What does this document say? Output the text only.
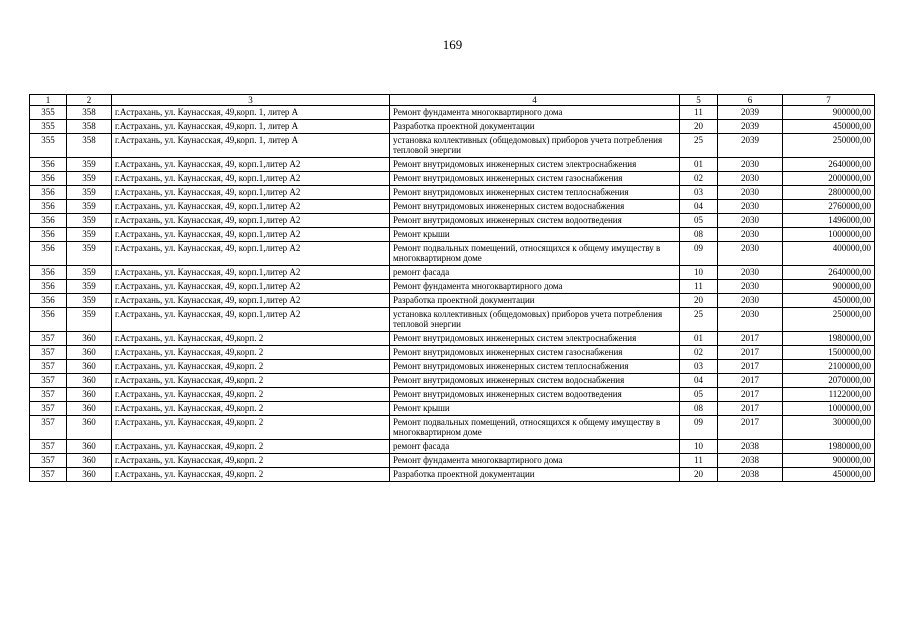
169
1	2	3	4	5	6	7
355	358	г.Астрахань, ул. Каунасская, 49,корп. 1, литер А	Ремонт фундамента многоквартирного дома	11	2039	900000,00
355	358	г.Астрахань, ул. Каунасская, 49,корп. 1, литер А	Разработка проектной документации	20	2039	450000,00
355	358	г.Астрахань, ул. Каунасская, 49,корп. 1, литер А	установка коллективных (общедомовых) приборов учета потребления тепловой энергии	25	2039	250000,00
356	359	г.Астрахань, ул. Каунасская, 49, корп.1,литер А2	Ремонт внутридомовых инженерных систем электроснабжения	01	2030	2640000,00
356	359	г.Астрахань, ул. Каунасская, 49, корп.1,литер А2	Ремонт внутридомовых инженерных систем газоснабжения	02	2030	2000000,00
356	359	г.Астрахань, ул. Каунасская, 49, корп.1,литер А2	Ремонт внутридомовых инженерных систем теплоснабжения	03	2030	2800000,00
356	359	г.Астрахань, ул. Каунасская, 49, корп.1,литер А2	Ремонт внутридомовых инженерных систем водоснабжения	04	2030	2760000,00
356	359	г.Астрахань, ул. Каунасская, 49, корп.1,литер А2	Ремонт внутридомовых инженерных систем водоотведения	05	2030	1496000,00
356	359	г.Астрахань, ул. Каунасская, 49, корп.1,литер А2	Ремонт крыши	08	2030	1000000,00
356	359	г.Астрахань, ул. Каунасская, 49, корп.1,литер А2	Ремонт подвальных помещений, относящихся к общему имуществу в многоквартирном доме	09	2030	400000,00
356	359	г.Астрахань, ул. Каунасская, 49, корп.1,литер А2	ремонт фасада	10	2030	2640000,00
356	359	г.Астрахань, ул. Каунасская, 49, корп.1,литер А2	Ремонт фундамента многоквартирного дома	11	2030	900000,00
356	359	г.Астрахань, ул. Каунасская, 49, корп.1,литер А2	Разработка проектной документации	20	2030	450000,00
356	359	г.Астрахань, ул. Каунасская, 49, корп.1,литер А2	установка коллективных (общедомовых) приборов учета потребления тепловой энергии	25	2030	250000,00
357	360	г.Астрахань, ул. Каунасская, 49,корп. 2	Ремонт внутридомовых инженерных систем электроснабжения	01	2017	1980000,00
357	360	г.Астрахань, ул. Каунасская, 49,корп. 2	Ремонт внутридомовых инженерных систем газоснабжения	02	2017	1500000,00
357	360	г.Астрахань, ул. Каунасская, 49,корп. 2	Ремонт внутридомовых инженерных систем теплоснабжения	03	2017	2100000,00
357	360	г.Астрахань, ул. Каунасская, 49,корп. 2	Ремонт внутридомовых инженерных систем водоснабжения	04	2017	2070000,00
357	360	г.Астрахань, ул. Каунасская, 49,корп. 2	Ремонт внутридомовых инженерных систем водоотведения	05	2017	1122000,00
357	360	г.Астрахань, ул. Каунасская, 49,корп. 2	Ремонт крыши	08	2017	1000000,00
357	360	г.Астрахань, ул. Каунасская, 49,корп. 2	Ремонт подвальных помещений, относящихся к общему имуществу в многоквартирном доме	09	2017	300000,00
357	360	г.Астрахань, ул. Каунасская, 49,корп. 2	ремонт фасада	10	2038	1980000,00
357	360	г.Астрахань, ул. Каунасская, 49,корп. 2	Ремонт фундамента многоквартирного дома	11	2038	900000,00
357	360	г.Астрахань, ул. Каунасская, 49,корп. 2	Разработка проектной документации	20	2038	450000,00
